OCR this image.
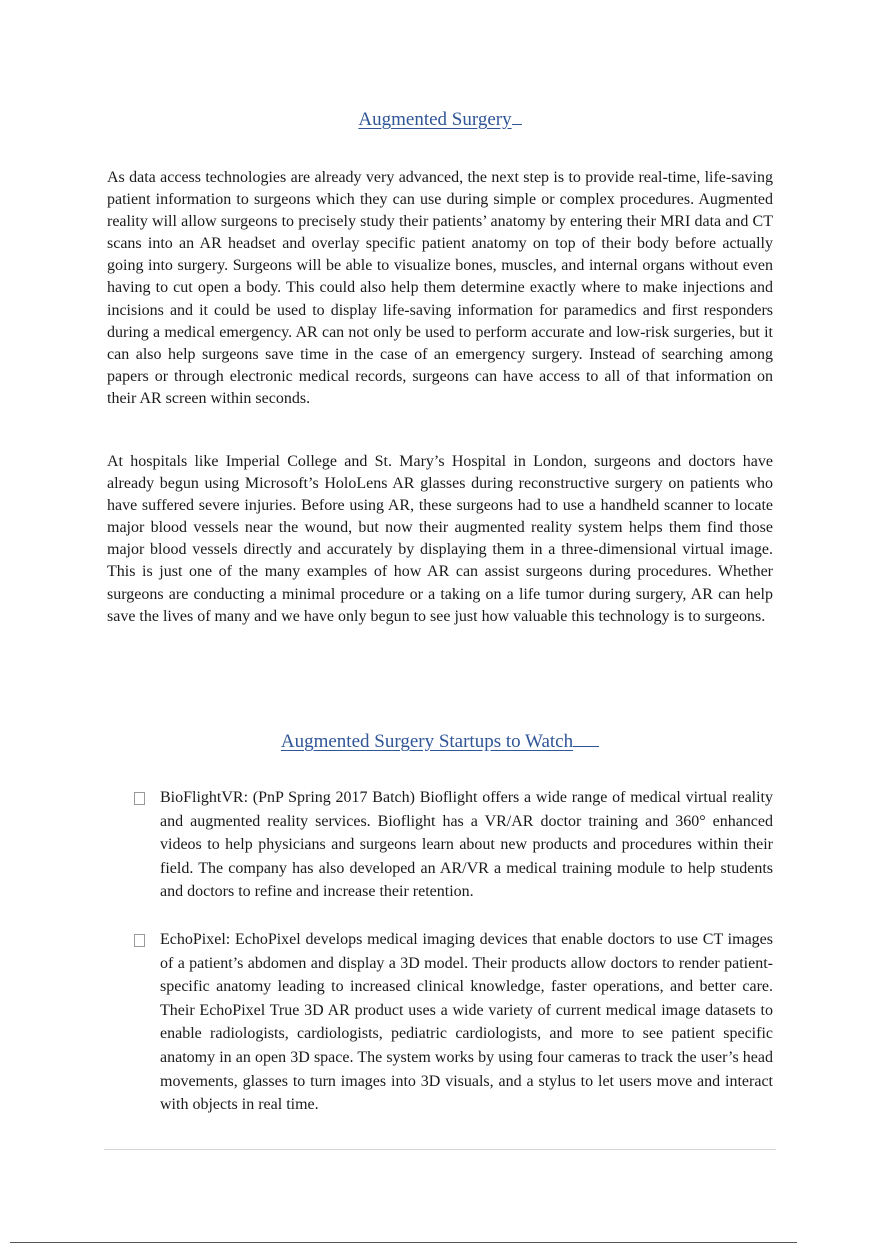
Augmented Surgery

As data access technologies are already very advanced, the next step is to provide real-time, life-saving patient information to surgeons which they can use during simple or complex procedures. Augmented reality will allow surgeons to precisely study their patients’ anatomy by entering their MRI data and CT scans into an AR headset and overlay specific patient anatomy on top of their body before actually going into surgery. Surgeons will be able to visualize bones, muscles, and internal organs without even having to cut open a body. This could also help them determine exactly where to make injections and incisions and it could be used to display life-saving information for paramedics and first responders during a medical emergency. AR can not only be used to perform accurate and low-risk surgeries, but it can also help surgeons save time in the case of an emergency surgery. Instead of searching among papers or through electronic medical records, surgeons can have access to all of that information on their AR screen within seconds.

At hospitals like Imperial College and St. Mary’s Hospital in London, surgeons and doctors have already begun using Microsoft’s HoloLens AR glasses during reconstructive surgery on patients who have suffered severe injuries. Before using AR, these surgeons had to use a handheld scanner to locate major blood vessels near the wound, but now their augmented reality system helps them find those major blood vessels directly and accurately by displaying them in a three-dimensional virtual image. This is just one of the many examples of how AR can assist surgeons during procedures. Whether surgeons are conducting a minimal procedure or a taking on a life tumor during surgery, AR can help save the lives of many and we have only begun to see just how valuable this technology is to surgeons.

Augmented Surgery Startups to Watch

BioFlightVR: (PnP Spring 2017 Batch) Bioflight offers a wide range of medical virtual reality and augmented reality services. Bioflight has a VR/AR doctor training and 360° enhanced videos to help physicians and surgeons learn about new products and procedures within their field. The company has also developed an AR/VR a medical training module to help students and doctors to refine and increase their retention.

EchoPixel: EchoPixel develops medical imaging devices that enable doctors to use CT images of a patient’s abdomen and display a 3D model. Their products allow doctors to render patient-specific anatomy leading to increased clinical knowledge, faster operations, and better care. Their EchoPixel True 3D AR product uses a wide variety of current medical image datasets to enable radiologists, cardiologists, pediatric cardiologists, and more to see patient specific anatomy in an open 3D space. The system works by using four cameras to track the user’s head movements, glasses to turn images into 3D visuals, and a stylus to let users move and interact with objects in real time.
